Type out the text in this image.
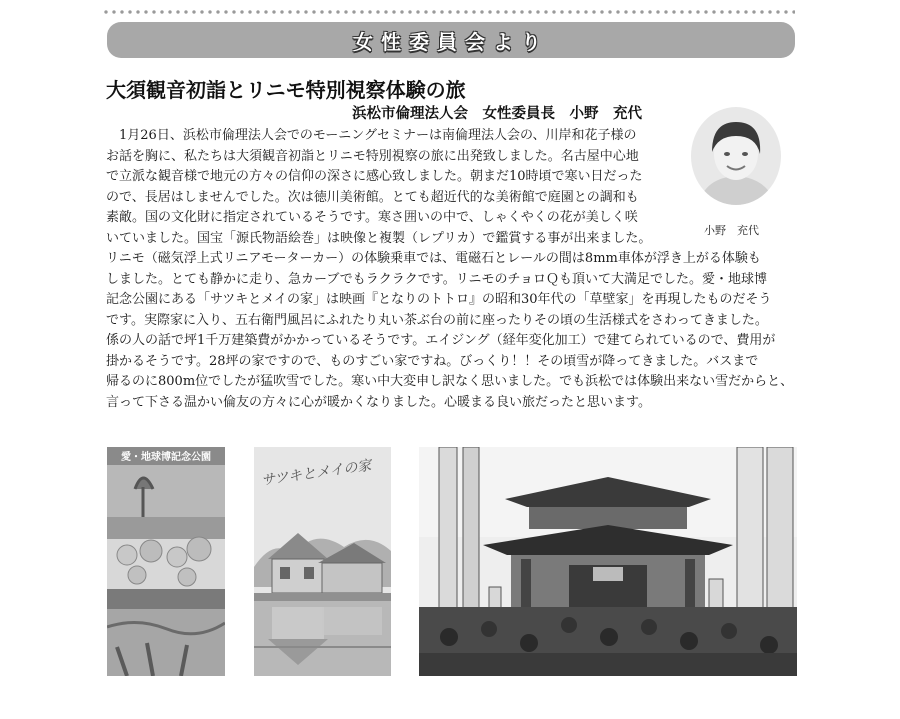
女性委員会より
大須観音初詣とリニモ特別視察体験の旅
浜松市倫理法人会　女性委員長　小野　充代
　1月26日、浜松市倫理法人会でのモーニングセミナーは南倫理法人会の、川岸和花子様の
お話を胸に、私たちは大須観音初詣とリニモ特別視察の旅に出発致しました。名古屋中心地
で立派な観音様で地元の方々の信仰の深さに感心致しました。朝まだ10時頃で寒い日だった
ので、長居はしませんでした。次は徳川美術館。とても超近代的な美術館で庭園との調和も
素敵。国の文化財に指定されているそうです。寒さ囲いの中で、しゃくやくの花が美しく咲
いていました。国宝「源氏物語絵巻」は映像と複製（レプリカ）で鑑賞する事が出来ました。
リニモ（磁気浮上式リニアモーターカー）の体験乗車では、電磁石とレールの間は8mm車体が浮き上がる体験も
しました。とても静かに走り、急カーブでもラクラクです。リニモのチョロＱも頂いて大満足でした。愛・地球博
記念公園にある「サツキとメイの家」は映画『となりのトトロ』の昭和30年代の「草壁家」を再現したものだそう
です。実際家に入り、五右衛門風呂にふれたり丸い茶ぶ台の前に座ったりその頃の生活様式をさわってきました。
係の人の話で坪1千万建築費がかかっているそうです。エイジング（経年変化加工）で建てられているので、費用が
掛かるそうです。28坪の家ですので、ものすごい家ですね。びっくり！！その頃雪が降ってきました。バスまで
帰るのに800m位でしたが猛吹雪でした。寒い中大変申し訳なく思いました。でも浜松では体験出来ない雪だからと、
言って下さる温かい倫友の方々に心が暖かくなりました。心暖まる良い旅だったと思います。
小野　充代
愛・地球博記念公園
サツキとメイの家
